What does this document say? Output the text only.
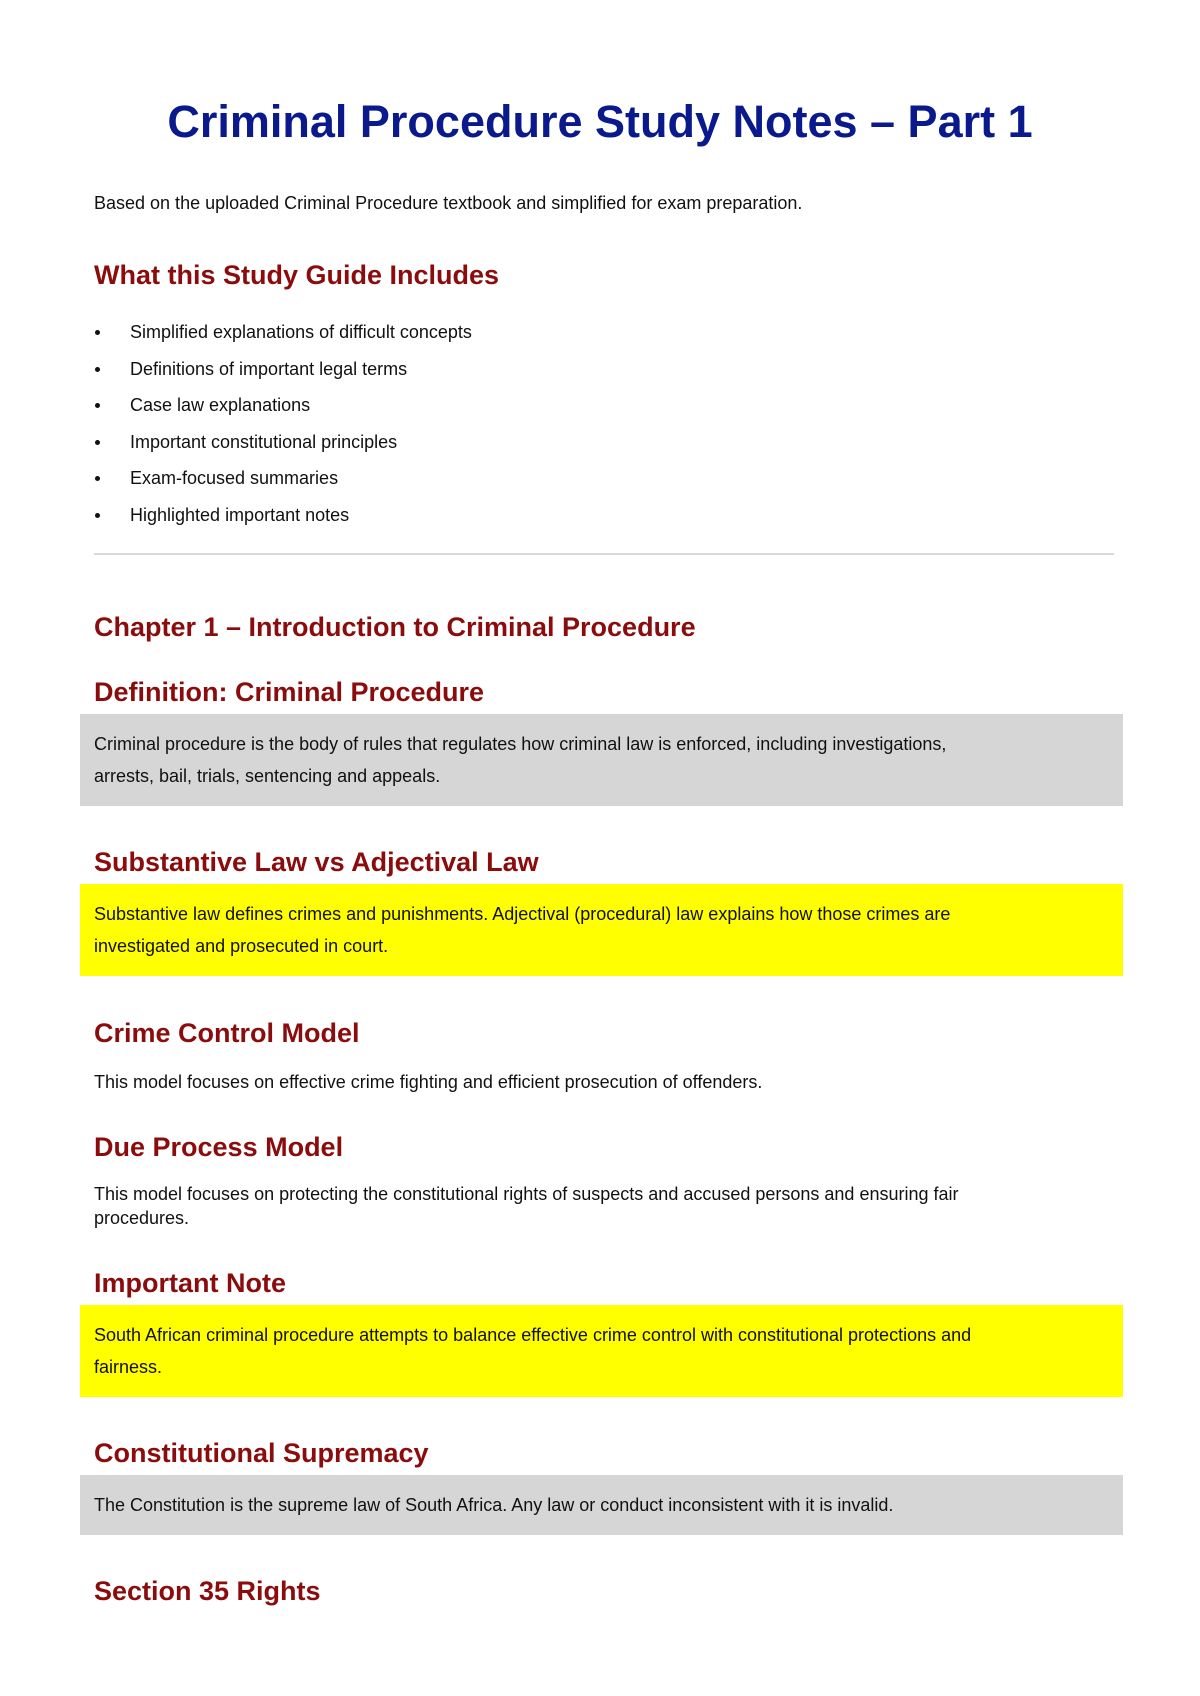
Criminal Procedure Study Notes – Part 1

Based on the uploaded Criminal Procedure textbook and simplified for exam preparation.

What this Study Guide Includes
Simplified explanations of difficult concepts
Definitions of important legal terms
Case law explanations
Important constitutional principles
Exam-focused summaries
Highlighted important notes
Chapter 1 – Introduction to Criminal Procedure
Definition: Criminal Procedure

Criminal procedure is the body of rules that regulates how criminal law is enforced, including investigations,

arrests, bail, trials, sentencing and appeals.

Substantive Law vs Adjectival Law

Substantive law defines crimes and punishments. Adjectival (procedural) law explains how those crimes are

investigated and prosecuted in court.

Crime Control Model

This model focuses on effective crime fighting and efficient prosecution of offenders.

Due Process Model

This model focuses on protecting the constitutional rights of suspects and accused persons and ensuring fair
procedures.

Important Note

South African criminal procedure attempts to balance effective crime control with constitutional protections and

fairness.

Constitutional Supremacy

The Constitution is the supreme law of South Africa. Any law or conduct inconsistent with it is invalid.

Section 35 Rights
